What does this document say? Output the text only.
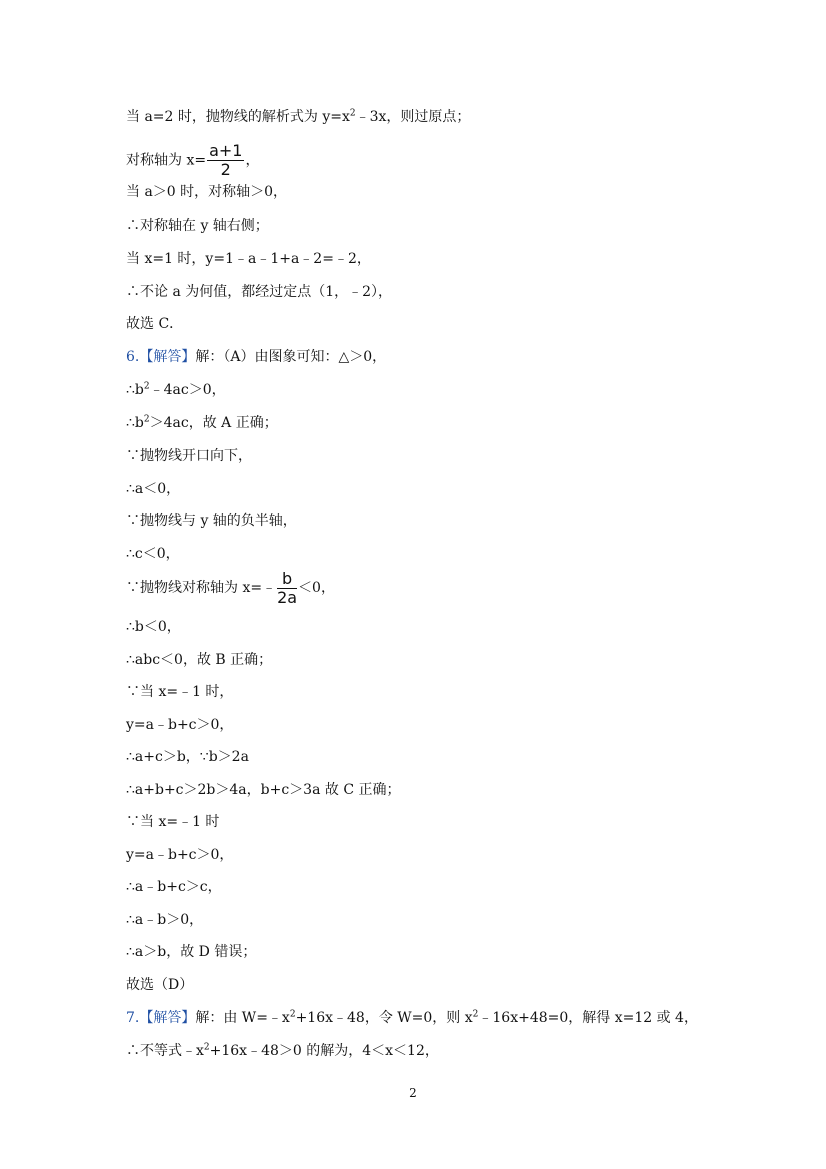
当 a=2 时，抛物线的解析式为 $y=x^2﹣3x$，则过原点；
对称轴为 $x= \frac{a+1}{2}$ ，
当 a＞0 时，对称轴＞0，
∴对称轴在 y 轴右侧；
当 x=1 时，y=1﹣a﹣1+a﹣2=﹣2，
∴不论 a 为何值，都经过定点（1，﹣2），
故选 C．
6.【解答】解：（A）由图象可知：△＞0，
$\therefore b^2﹣4ac>0$，
$\therefore b^2>4ac$，故 A 正确；
∵抛物线开口向下，
∴a＜0，
∵抛物线与 y 轴的负半轴，
∴c＜0，
∵抛物线对称轴为 x=﹣ $\frac{b}{2a} <0$，
∴b＜0，
∴abc＜0，故 B 正确；
∵当 x=﹣1 时，
y=a﹣b+c＞0，
∴a+c＞b，∵b＞2a
∴a+b+c＞2b＞4a，b+c＞3a 故 C 正确；
∵当 x=﹣1 时
y=a﹣b+c＞0，
∴a﹣b+c＞c，
∴a﹣b＞0，
∴a＞b，故 D 错误；
故选（D）
7.【解答】解：由 $W=﹣x^2+16x﹣48$，令 W=0，则 $x^2﹣16x+48=0$，解得 x=12 或 4，
∴不等式$﹣x^2+16x﹣48>0$ 的解为，4＜x＜12，
2
